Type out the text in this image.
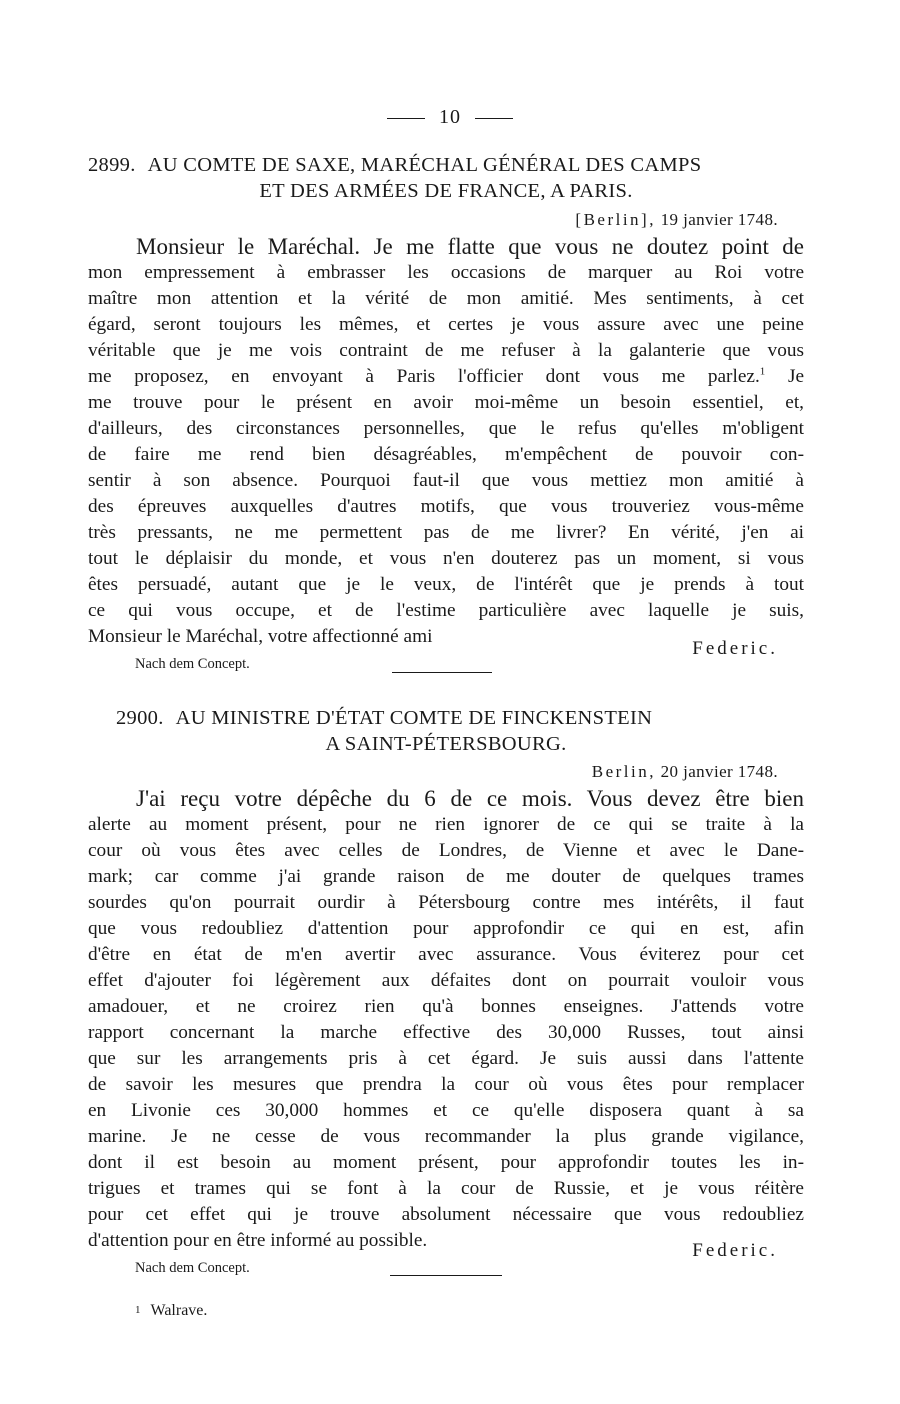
10
2899. AU COMTE DE SAXE, MARÉCHAL GÉNÉRAL DES CAMPS
ET DES ARMÉES DE FRANCE, A PARIS.
[Berlin], 19 janvier 1748.
Monsieur le Maréchal. Je me flatte que vous ne doutez point de
mon empressement à embrasser les occasions de marquer au Roi votre
maître mon attention et la vérité de mon amitié. Mes sentiments, à cet
égard, seront toujours les mêmes, et certes je vous assure avec une peine
véritable que je me vois contraint de me refuser à la galanterie que vous
me proposez, en envoyant à Paris l'officier dont vous me parlez.$^1$ Je
me trouve pour le présent en avoir moi-même un besoin essentiel, et,
d'ailleurs, des circonstances personnelles, que le refus qu'elles m'obligent
de faire me rend bien désagréables, m'empêchent de pouvoir con-
sentir à son absence. Pourquoi faut-il que vous mettiez mon amitié à
des épreuves auxquelles d'autres motifs, que vous trouveriez vous-même
très pressants, ne me permettent pas de me livrer? En vérité, j'en ai
tout le déplaisir du monde, et vous n'en douterez pas un moment, si vous
êtes persuadé, autant que je le veux, de l'intérêt que je prends à tout
ce qui vous occupe, et de l'estime particulière avec laquelle je suis,
Monsieur le Maréchal, votre affectionné ami
Federic.
Nach dem Concept.
2900. AU MINISTRE D'ÉTAT COMTE DE FINCKENSTEIN
A SAINT-PÉTERSBOURG.
Berlin, 20 janvier 1748.
J'ai reçu votre dépêche du 6 de ce mois. Vous devez être bien
alerte au moment présent, pour ne rien ignorer de ce qui se traite à la
cour où vous êtes avec celles de Londres, de Vienne et avec le Dane-
mark; car comme j'ai grande raison de me douter de quelques trames
sourdes qu'on pourrait ourdir à Pétersbourg contre mes intérêts, il faut
que vous redoubliez d'attention pour approfondir ce qui en est, afin
d'être en état de m'en avertir avec assurance. Vous éviterez pour cet
effet d'ajouter foi légèrement aux défaites dont on pourrait vouloir vous
amadouer, et ne croirez rien qu'à bonnes enseignes. J'attends votre
rapport concernant la marche effective des 30,000 Russes, tout ainsi
que sur les arrangements pris à cet égard. Je suis aussi dans l'attente
de savoir les mesures que prendra la cour où vous êtes pour remplacer
en Livonie ces 30,000 hommes et ce qu'elle disposera quant à sa
marine. Je ne cesse de vous recommander la plus grande vigilance,
dont il est besoin au moment présent, pour approfondir toutes les in-
trigues et trames qui se font à la cour de Russie, et je vous réitère
pour cet effet qui je trouve absolument nécessaire que vous redoubliez
d'attention pour en être informé au possible.	Federic.
Nach dem Concept.
1 Walrave.
